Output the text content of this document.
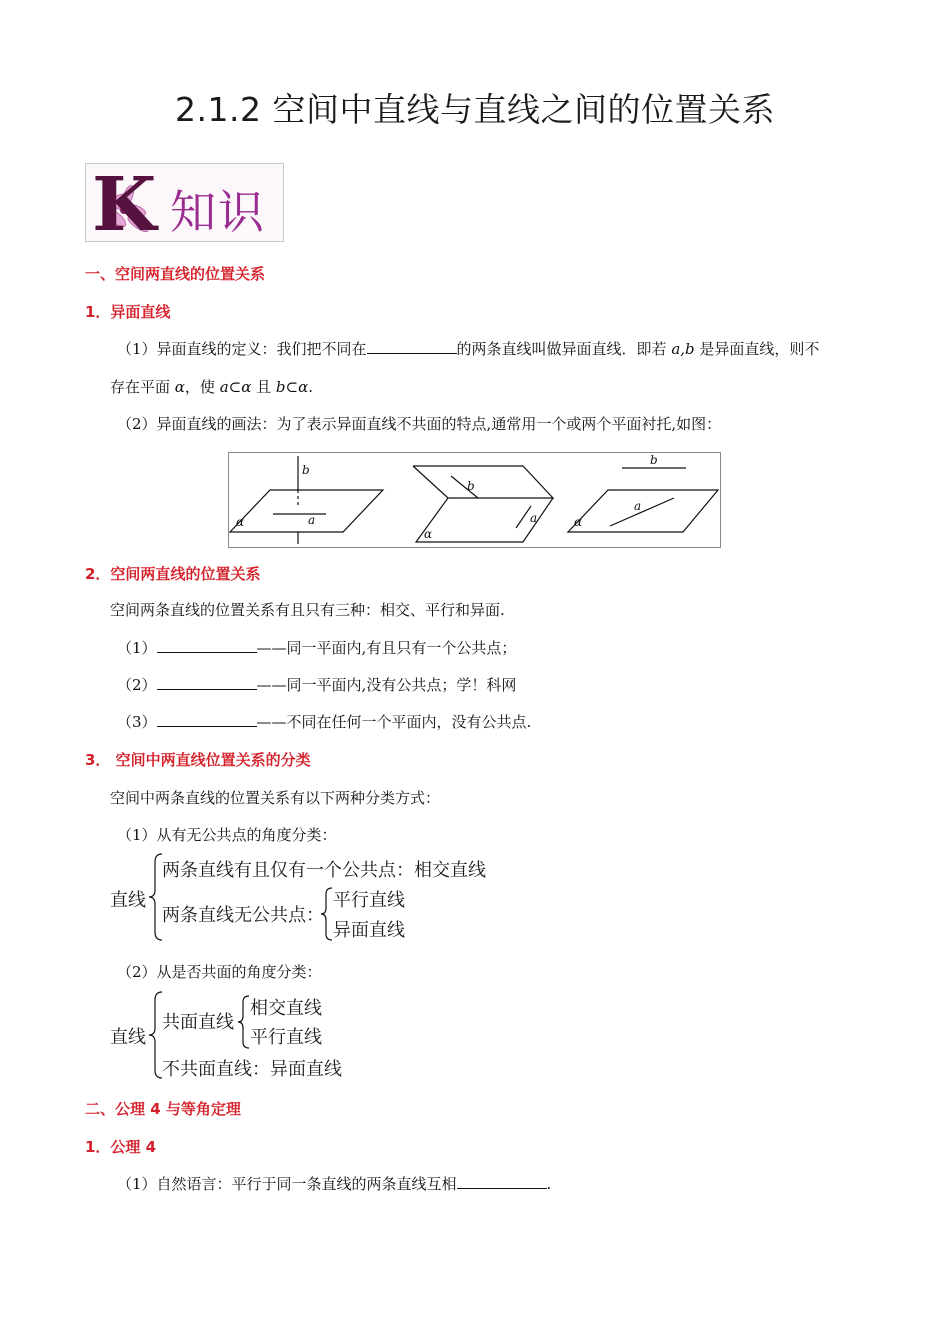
2.1.2 空间中直线与直线之间的位置关系
K 知识
一、空间两直线的位置关系
1．异面直线
（1）异面直线的定义：我们把不同在	的两条直线叫做异面直线．即若 a,b 是异面直线，则不
存在平面 α，使 a⊂α 且 b⊂α.
（2）异面直线的画法：为了表示异面直线不共面的特点,通常用一个或两个平面衬托,如图：
b
a
α
b
a
α
b
a
α
2．空间两直线的位置关系
空间两条直线的位置关系有且只有三种：相交、平行和异面.
（1）	——同一平面内,有且只有一个公共点；
（2）	——同一平面内,没有公共点；学！科网
（3）	——不同在任何一个平面内，没有公共点.
3． 空间中两直线位置关系的分类
空间中两条直线的位置关系有以下两种分类方式：
（1）从有无公共点的角度分类：
直线
两条直线有且仅有一个公共点：相交直线
两条直线无公共点：
平行直线
异面直线
（2）从是否共面的角度分类：
直线
共面直线
相交直线
平行直线
不共面直线：异面直线
二、公理 4 与等角定理
1．公理 4
（1）自然语言：平行于同一条直线的两条直线互相	.
